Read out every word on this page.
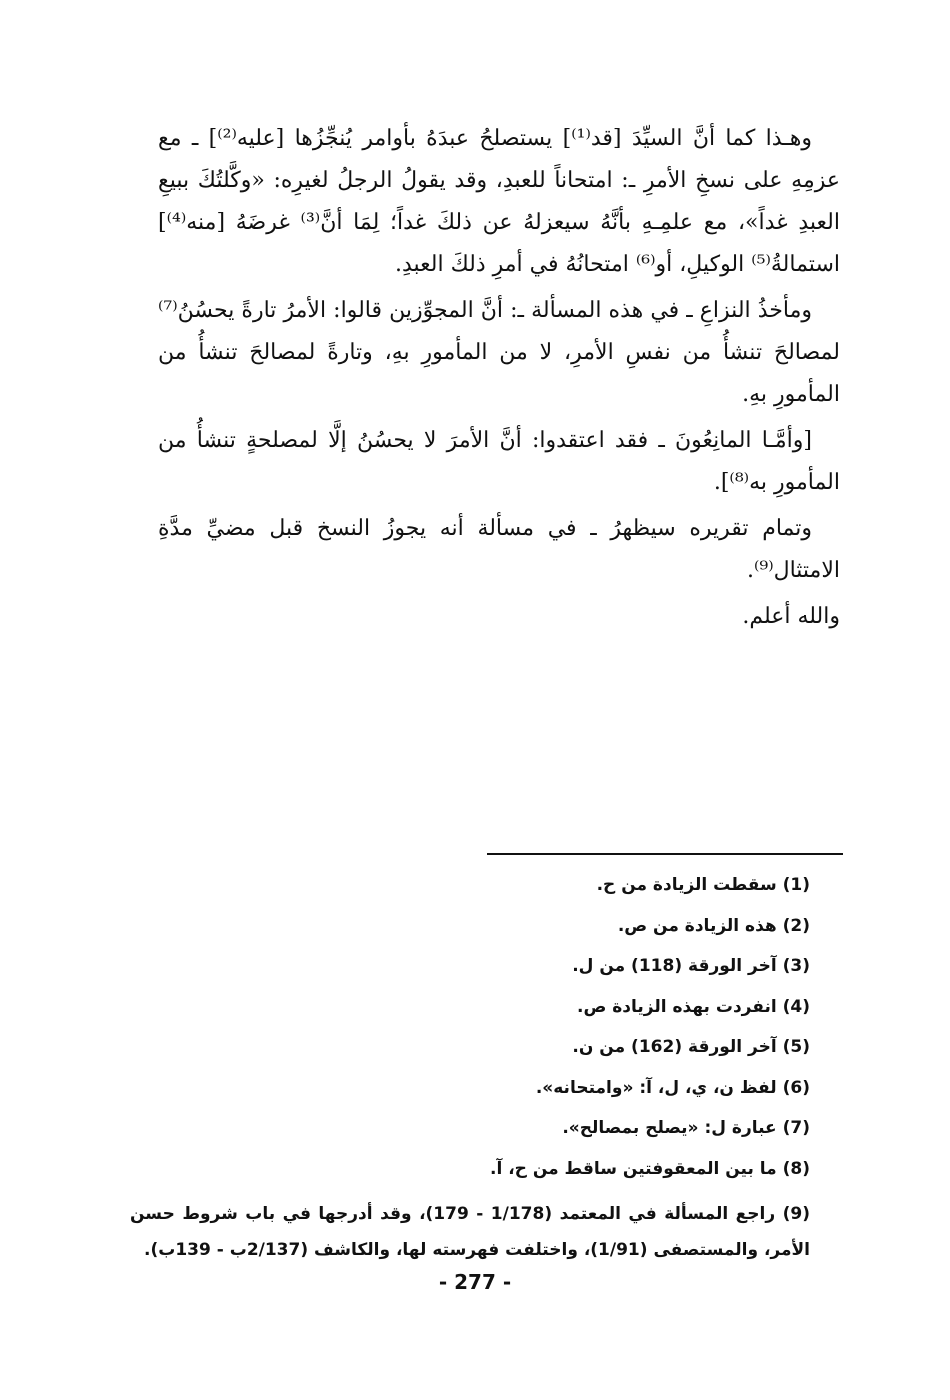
وهـذا كما أنَّ السيِّدَ [قد⁽¹⁾] يستصلحُ عبدَهُ بأوامر يُنجِّزُها [عليه⁽²⁾] ـ مع عزمِهِ على نسخِ الأمرِ ـ: امتحاناً للعبدِ، وقد يقولُ الرجلُ لغيرِه: «وكَّلتُكَ ببيعِ العبدِ غداً»، مع علمِـهِ بأنَّهُ سيعزلهُ عن ذلكَ غداً؛ لِمَا أنَّ⁽³⁾ غرضَهُ [منه⁽⁴⁾] استمالةُ⁽⁵⁾ الوكيلِ، أو⁽⁶⁾ امتحانُهُ في أمرِ ذلكَ العبدِ.

ومأخذُ النزاعِ ـ في هذه المسألة ـ: أنَّ المجوِّزين قالوا: الأمرُ تارةً يحسُنُ⁽⁷⁾ لمصالحَ تنشأُ من نفسِ الأمرِ، لا من المأمورِ بهِ، وتارةً لمصالحَ تنشأُ من المأمورِ بهِ.

[وأمَّـا المانِعُونَ ـ فقد اعتقدوا: أنَّ الأمرَ لا يحسُنُ إلَّا لمصلحةٍ تنشأُ من المأمورِ به⁽⁸⁾].

وتمام تقريره سيظهرُ ـ في مسألة أنه يجوزُ النسخ قبل مضيِّ مدَّةِ الامتثال⁽⁹⁾.

والله أعلم.

(1) سقطت الزيادة من ح.
(2) هذه الزيادة من ص.
(3) آخر الورقة (118) من ل.
(4) انفردت بهذه الزيادة ص.
(5) آخر الورقة (162) من ن.
(6) لفظ ن، ي، ل، آ: «وامتحانه».
(7) عبارة ل: «يصلح بمصالح».
(8) ما بين المعقوفتين ساقط من ح، آ.
(9) راجع المسألة في المعتمد (1/178 - 179)، وقد أدرجها في باب شروط حسن الأمر، والمستصفى (1/91)، واختلفت فهرسته لها، والكاشف (2/137ب - 139ب).
- 277 -
